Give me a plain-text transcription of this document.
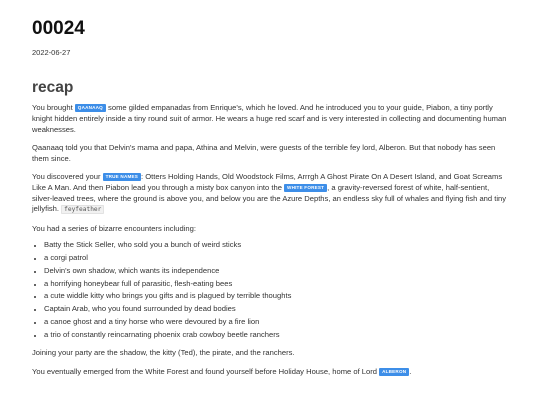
00024
2022-06-27
recap

You brought QAANAAQ some gilded empanadas from Enrique's, which he loved. And he introduced you to your guide, Piabon, a tiny portly knight hidden entirely inside a tiny round suit of armor. He wears a huge red scarf and is very interested in collecting and documenting human weaknesses.

Qaanaaq told you that Delvin's mama and papa, Athina and Melvin, were guests of the terrible fey lord, Alberon. But that nobody has seen them since.

You discovered your TRUE NAMES : Otters Holding Hands, Old Woodstock Films, Arrrgh A Ghost Pirate On A Desert Island, and Goat Screams Like A Man. And then Piabon lead you through a misty box canyon into the WHITE FOREST , a gravity-reversed forest of white, half-sentient, silver-leaved trees, where the ground is above you, and below you are the Azure Depths, an endless sky full of whales and flying fish and tiny jellyfish. feyfeather

You had a series of bizarre encounters including:

• Batty the Stick Seller, who sold you a bunch of weird sticks
• a corgi patrol
• Delvin's own shadow, which wants its independence
• a horrifying honeybear full of parasitic, flesh-eating bees
• a cute widdle kitty who brings you gifts and is plagued by terrible thoughts
• Captain Arab, who you found surrounded by dead bodies
• a canoe ghost and a tiny horse who were devoured by a fire lion
• a trio of constantly reincarnating phoenix crab cowboy beetle ranchers

Joining your party are the shadow, the kitty (Ted), the pirate, and the ranchers.

You eventually emerged from the White Forest and found yourself before Holiday House, home of Lord ALBERON .
